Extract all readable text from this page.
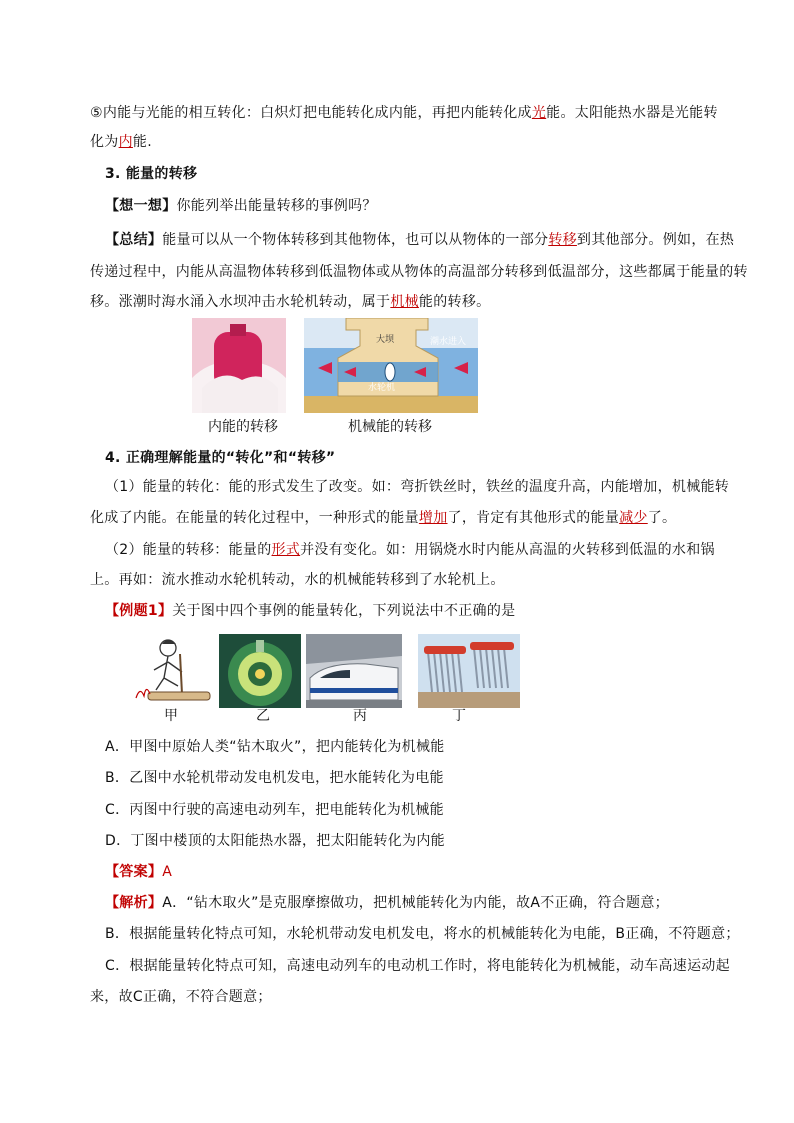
⑤内能与光能的相互转化：白炽灯把电能转化成内能，再把内能转化成光能。太阳能热水器是光能转
化为内能.
3. 能量的转移
【想一想】你能列举出能量转移的事例吗？
【总结】能量可以从一个物体转移到其他物体，也可以从物体的一部分转移到其他部分。例如，在热
传递过程中，内能从高温物体转移到低温物体或从物体的高温部分转移到低温部分，这些都属于能量的转
移。涨潮时海水涌入水坝冲击水轮机转动，属于机械能的转移。
大坝	潮水进入
水轮机
内能的转移	机械能的转移
4. 正确理解能量的“转化”和“转移”
（1）能量的转化：能的形式发生了改变。如：弯折铁丝时，铁丝的温度升高，内能增加，机械能转
化成了内能。在能量的转化过程中，一种形式的能量增加了，肯定有其他形式的能量减少了。
（2）能量的转移：能量的形式并没有变化。如：用锅烧水时内能从高温的火转移到低温的水和锅
上。再如：流水推动水轮机转动，水的机械能转移到了水轮机上。
【例题1】关于图中四个事例的能量转化，下列说法中不正确的是
甲	乙	丙	丁
A．甲图中原始人类“钻木取火”，把内能转化为机械能
B．乙图中水轮机带动发电机发电，把水能转化为电能
C．丙图中行驶的高速电动列车，把电能转化为机械能
D．丁图中楼顶的太阳能热水器，把太阳能转化为内能
【答案】A
【解析】A．“钻木取火”是克服摩擦做功，把机械能转化为内能，故A不正确，符合题意；
B．根据能量转化特点可知，水轮机带动发电机发电，将水的机械能转化为电能，B正确，不符题意；
C．根据能量转化特点可知，高速电动列车的电动机工作时，将电能转化为机械能，动车高速运动起
来，故C正确，不符合题意；
